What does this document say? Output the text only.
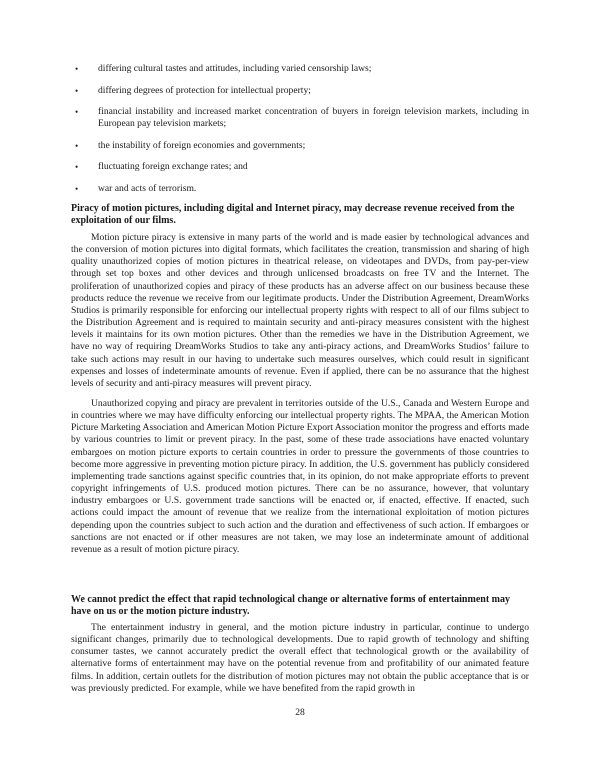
•	differing cultural tastes and attitudes, including varied censorship laws;
•	differing degrees of protection for intellectual property;
•	financial instability and increased market concentration of buyers in foreign television markets, including in European pay television markets;
•	the instability of foreign economies and governments;
•	fluctuating foreign exchange rates; and
•	war and acts of terrorism.
Piracy of motion pictures, including digital and Internet piracy, may decrease revenue received from the exploitation of our films.

Motion picture piracy is extensive in many parts of the world and is made easier by technological advances and the conversion of motion pictures into digital formats, which facilitates the creation, transmission and sharing of high quality unauthorized copies of motion pictures in theatrical release, on videotapes and DVDs, from pay-per-view through set top boxes and other devices and through unlicensed broadcasts on free TV and the Internet. The proliferation of unauthorized copies and piracy of these products has an adverse affect on our business because these products reduce the revenue we receive from our legitimate products. Under the Distribution Agreement, DreamWorks Studios is primarily responsible for enforcing our intellectual property rights with respect to all of our films subject to the Distribution Agreement and is required to maintain security and anti-piracy measures consistent with the highest levels it maintains for its own motion pictures. Other than the remedies we have in the Distribution Agreement, we have no way of requiring DreamWorks Studios to take any anti-piracy actions, and DreamWorks Studios’ failure to take such actions may result in our having to undertake such measures ourselves, which could result in significant expenses and losses of indeterminate amounts of revenue. Even if applied, there can be no assurance that the highest levels of security and anti-piracy measures will prevent piracy.

Unauthorized copying and piracy are prevalent in territories outside of the U.S., Canada and Western Europe and in countries where we may have difficulty enforcing our intellectual property rights. The MPAA, the American Motion Picture Marketing Association and American Motion Picture Export Association monitor the progress and efforts made by various countries to limit or prevent piracy. In the past, some of these trade associations have enacted voluntary embargoes on motion picture exports to certain countries in order to pressure the governments of those countries to become more aggressive in preventing motion picture piracy. In addition, the U.S. government has publicly considered implementing trade sanctions against specific countries that, in its opinion, do not make appropriate efforts to prevent copyright infringements of U.S. produced motion pictures. There can be no assurance, however, that voluntary industry embargoes or U.S. government trade sanctions will be enacted or, if enacted, effective. If enacted, such actions could impact the amount of revenue that we realize from the international exploitation of motion pictures depending upon the countries subject to such action and the duration and effectiveness of such action. If embargoes or sanctions are not enacted or if other measures are not taken, we may lose an indeterminate amount of additional revenue as a result of motion picture piracy.

We cannot predict the effect that rapid technological change or alternative forms of entertainment may have on us or the motion picture industry.

The entertainment industry in general, and the motion picture industry in particular, continue to undergo significant changes, primarily due to technological developments. Due to rapid growth of technology and shifting consumer tastes, we cannot accurately predict the overall effect that technological growth or the availability of alternative forms of entertainment may have on the potential revenue from and profitability of our animated feature films. In addition, certain outlets for the distribution of motion pictures may not obtain the public acceptance that is or was previously predicted. For example, while we have benefited from the rapid growth in

28
